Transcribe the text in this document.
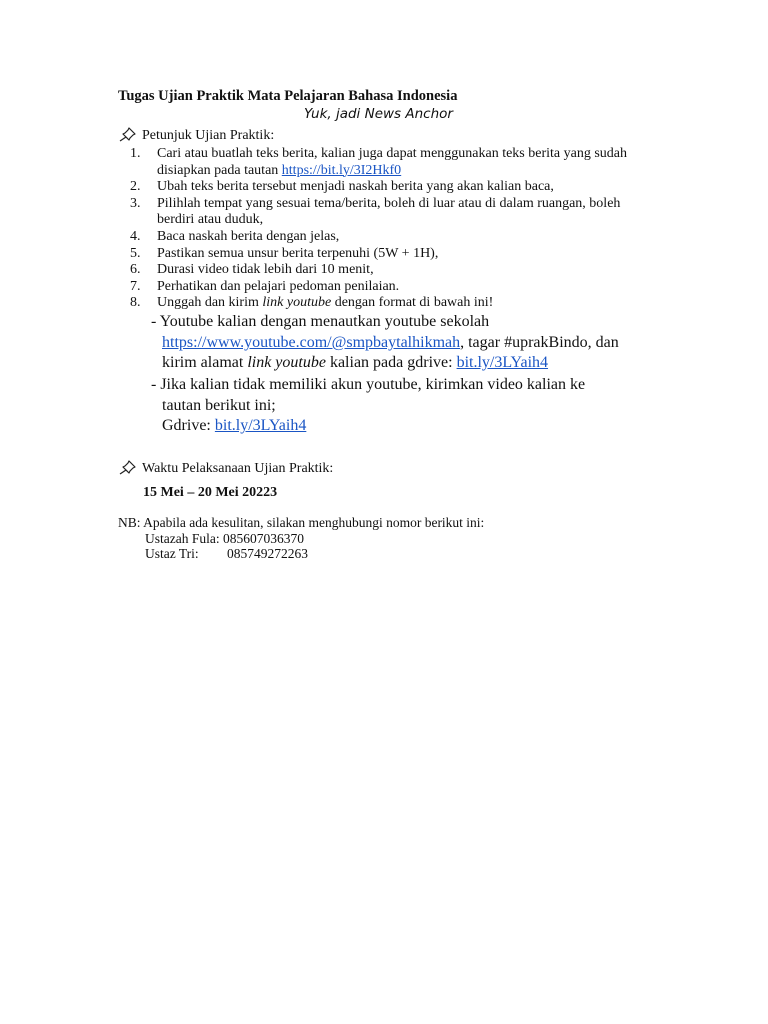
Tugas Ujian Praktik Mata Pelajaran Bahasa Indonesia
Yuk, jadi News Anchor
Petunjuk Ujian Praktik:
1. Cari atau buatlah teks berita, kalian juga dapat menggunakan teks berita yang sudah disiapkan pada tautan https://bit.ly/3I2Hkf0
2. Ubah teks berita tersebut menjadi naskah berita yang akan kalian baca,
3. Pilihlah tempat yang sesuai tema/berita, boleh di luar atau di dalam ruangan, boleh berdiri atau duduk,
4. Baca naskah berita dengan jelas,
5. Pastikan semua unsur berita terpenuhi (5W + 1H),
6. Durasi video tidak lebih dari 10 menit,
7. Perhatikan dan pelajari pedoman penilaian.
8. Unggah dan kirim link youtube dengan format di bawah ini!
- Youtube kalian dengan menautkan youtube sekolah
https://www.youtube.com/@smpbaytalhikmah, tagar #uprakBindo, dan
kirim alamat link youtube kalian pada gdrive: bit.ly/3LYaih4
- Jika kalian tidak memiliki akun youtube, kirimkan video kalian ke
tautan berikut ini;
Gdrive: bit.ly/3LYaih4
Waktu Pelaksanaan Ujian Praktik:
15 Mei – 20 Mei 20223
NB: Apabila ada kesulitan, silakan menghubungi nomor berikut ini:
Ustazah Fula: 085607036370
Ustaz Tri: 085749272263
